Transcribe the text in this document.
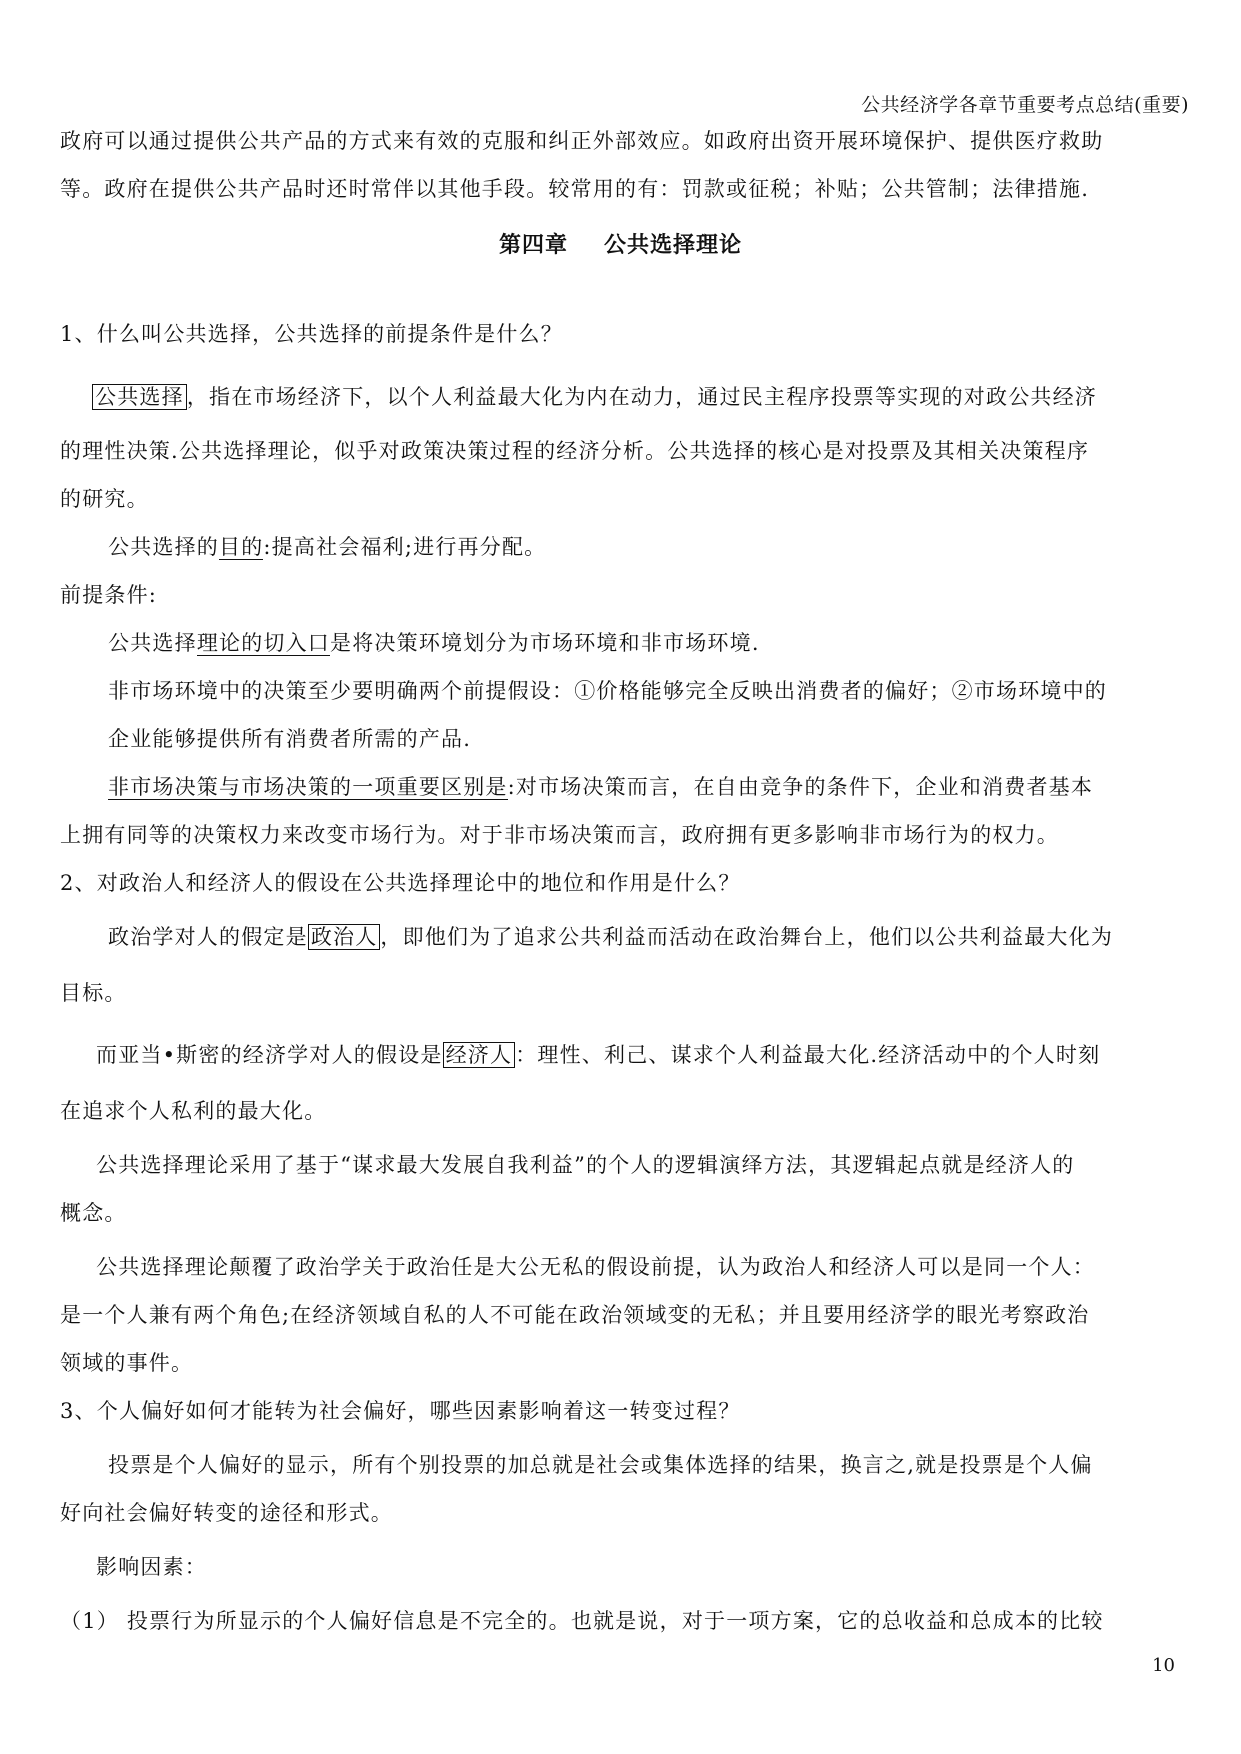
公共经济学各章节重要考点总结(重要)
政府可以通过提供公共产品的方式来有效的克服和纠正外部效应。如政府出资开展环境保护、提供医疗救助
等。政府在提供公共产品时还时常伴以其他手段。较常用的有：罚款或征税；补贴；公共管制；法律措施.
第四章 公共选择理论
1、什么叫公共选择，公共选择的前提条件是什么？
公共选择 ，指在市场经济下，以个人利益最大化为内在动力，通过民主程序投票等实现的对政公共经济
的理性决策.公共选择理论，似乎对政策决策过程的经济分析。公共选择的核心是对投票及其相关决策程序
的研究。
公共选择的目的:提高社会福利;进行再分配。
前提条件:
公共选择理论的切入口是将决策环境划分为市场环境和非市场环境.
非市场环境中的决策至少要明确两个前提假设：①价格能够完全反映出消费者的偏好；②市场环境中的
企业能够提供所有消费者所需的产品.
非市场决策与市场决策的一项重要区别是:对市场决策而言，在自由竞争的条件下，企业和消费者基本
上拥有同等的决策权力来改变市场行为。对于非市场决策而言，政府拥有更多影响非市场行为的权力。
2、对政治人和经济人的假设在公共选择理论中的地位和作用是什么？
政治学对人的假定是 政治人 ，即他们为了追求公共利益而活动在政治舞台上，他们以公共利益最大化为
目标。
而亚当•斯密的经济学对人的假设是 经济人 ：理性、利己、谋求个人利益最大化.经济活动中的个人时刻
在追求个人私利的最大化。
公共选择理论采用了基于“谋求最大发展自我利益”的个人的逻辑演绎方法，其逻辑起点就是经济人的
概念。
公共选择理论颠覆了政治学关于政治任是大公无私的假设前提，认为政治人和经济人可以是同一个人：
是一个人兼有两个角色;在经济领域自私的人不可能在政治领域变的无私；并且要用经济学的眼光考察政治
领域的事件。
3、个人偏好如何才能转为社会偏好，哪些因素影响着这一转变过程？
投票是个人偏好的显示，所有个别投票的加总就是社会或集体选择的结果，换言之,就是投票是个人偏
好向社会偏好转变的途径和形式。
影响因素：
（1） 投票行为所显示的个人偏好信息是不完全的。也就是说，对于一项方案，它的总收益和总成本的比较
10
